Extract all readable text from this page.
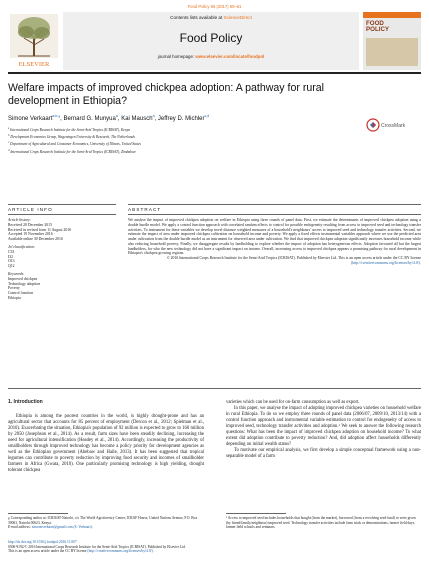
Food Policy 66 (2017) 50–61
ELSEVIER
Contents lists available at ScienceDirect
Food Policy
journal homepage: www.elsevier.com/locate/foodpol
FOOD
POLICY
Welfare impacts of improved chickpea adoption: A pathway for rural development in Ethiopia?
CrossMark
Simone Verkaart$^{a,b,⁎}$, Bernard G. Munyua$^a$, Kai Mausch$^a$, Jeffrey D. Michler$^{c,d}$
$^a$ International Crops Research Institute for the Semi-Arid Tropics (ICRISAT), Kenya
$^b$ Development Economics Group, Wageningen University & Research, The Netherlands
$^c$ Department of Agricultural and Consumer Economics, University of Illinois, United States
$^d$ International Crops Research Institute for the Semi-Arid Tropics (ICRISAT), Zimbabwe
ARTICLE INFO	ABSTRACT
Article history:
Received 20 December 2015
Received in revised form 11 August 2016
Accepted 19 November 2016
Available online 30 December 2016
Jel classification:
C33
I32
O13
Q12
Keywords:
Improved chickpea
Technology adoption
Poverty
Control function
Ethiopia

We analyse the impact of improved chickpea adoption on welfare in Ethiopia using three rounds of panel data. First, we estimate the determinants of improved chickpea adoption using a double hurdle model. We apply a control function approach with correlated random effects to control for possible endogeneity resulting from access to improved seed and technology transfer activities. To instrument for these variables we develop novel distance weighted measures of a household's neighbours' access to improved seed and technology transfer activities. Second, we estimate the impact of area under improved chickpea cultivation on household income and poverty. We apply a fixed effects instrumental variables approach where we use the predicted area under cultivation from the double hurdle model as an instrument for observed area under cultivation. We find that improved chickpea adoption significantly increases household income while also reducing household poverty. Finally, we disaggregate results by landholding to explore whether the impact of adoption has heterogeneous effects. Adoption favoured all but the largest landholders, for who the new technology did not have a significant impact on income. Overall, increasing access to improved chickpea appears a promising pathway for rural development in Ethiopia's chickpea growing regions.

© 2016 International Crops Research Institute for the Semi-Arid Tropics (ICRISAT). Published by Elsevier Ltd. This is an open access article under the CC BY license (http://creativecommons.org/licenses/by/4.0/).

1. Introduction

Ethiopia is among the poorest countries in the world, is highly drought-prone and has an agricultural sector that accounts for 85 percent of employment (Dercon et al., 2012; Spielman et al., 2010). Exacerbating the situation, Ethiopia's population of 92 million is expected to grow to 160 million by 2050 (Josephson et al., 2014). As a result, farm sizes have been steadily declining, increasing the need for agricultural intensification (Headey et al., 2014). Accordingly, increasing the productivity of smallholders through improved technology has become a policy priority for development agencies as well as the Ethiopian government (Abebaw and Haile, 2013). It has been suggested that tropical legumes can contribute to poverty reduction by improving food security and incomes of smallholder farmers in Africa (Gwata, 2010). One particularly promising technology is high yielding, drought tolerant chickpea

varieties which can be used for on-farm consumption as well as export.

In this paper, we analyse the impact of adopting improved chickpea varieties on household welfare in rural Ethiopia. To do so we employ three rounds of panel data (2006/07, 2009/10, 2013/14) with a control function approach and instrumental variable estimation to control for endogeneity of access to improved seed, technology transfer activities and adoption.¹ We seek to answer the following research questions: What has been the impact of improved chickpea adoption on household income? To what extent did adoption contribute to poverty reduction? And, did adoption affect households differently depending on initial wealth status?

To motivate our empirical analysis, we first develop a simple conceptual framework using a non-separable model of a farm

⁎ Corresponding author at: ICRISAT-Nairobi, c/o The World Agroforestry Center, ICRAF House, United Nations Avenue, P.O. Box 39063, Nairobi 00623, Kenya.
E-mail address: simoneverkaart@gmail.com (S. Verkaart).
¹ Access to improved seed includes households that bought (from the market), borrowed (from a revolving seed fund) or were given (by friend/family/neighbour) improved seed. Technology transfer activities include farm trials or demonstrations, farmer field days, farmer field schools and seminars.
http://dx.doi.org/10.1016/j.foodpol.2016.11.007
0306-9192/© 2016 International Crops Research Institute for the Semi-Arid Tropics (ICRISAT). Published by Elsevier Ltd.
This is an open access article under the CC BY license (http://creativecommons.org/licenses/by/4.0/).
